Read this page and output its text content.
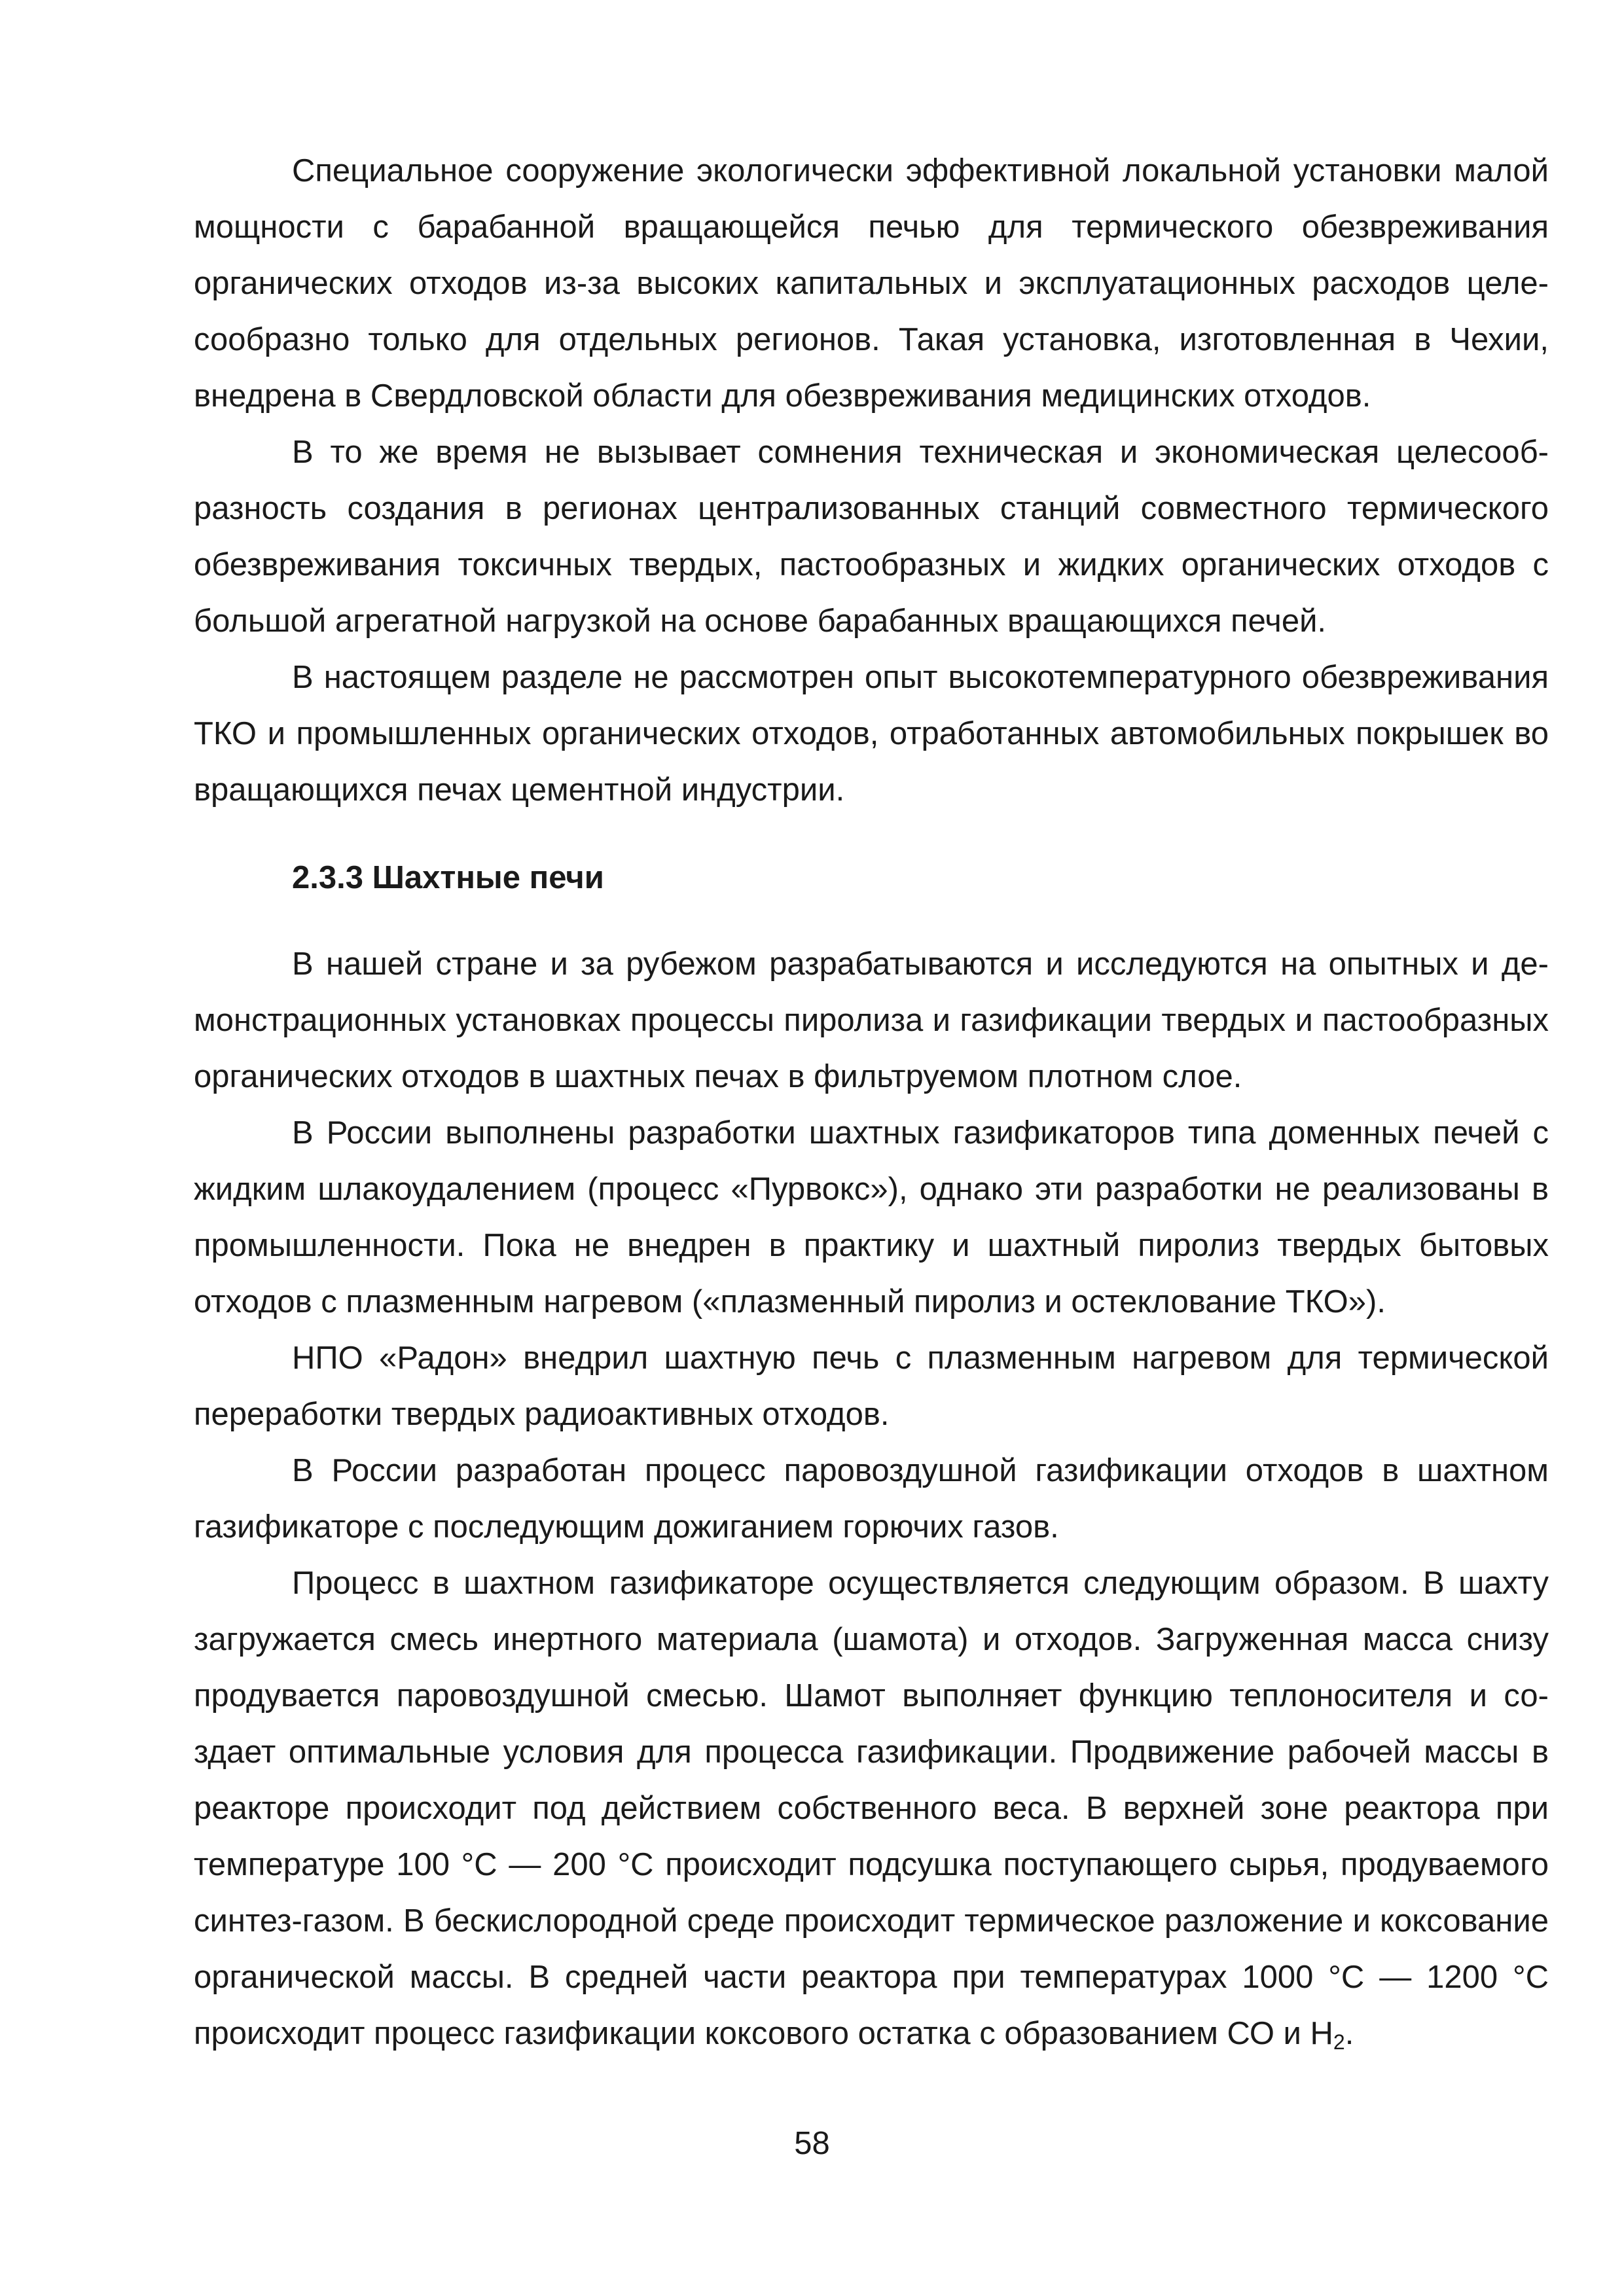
Специальное сооружение экологически эффективной локальной установки малой мощности с барабанной вращающейся печью для термического обезвреживания органических отходов из-за высоких капитальных и эксплуатационных расходов целесообразно только для отдельных регионов. Такая установка, изготовленная в Чехии, внедрена в Свердловской области для обезвреживания медицинских отходов.

В то же время не вызывает сомнения техническая и экономическая целесообразность создания в регионах централизованных станций совместного термического обезвреживания токсичных твердых, пастообразных и жидких органических отходов с большой агрегатной нагрузкой на основе барабанных вращающихся печей.

В настоящем разделе не рассмотрен опыт высокотемпературного обезвреживания ТКО и промышленных органических отходов, отработанных автомобильных покрышек во вращающихся печах цементной индустрии.

2.3.3 Шахтные печи

В нашей стране и за рубежом разрабатываются и исследуются на опытных и демонстрационных установках процессы пиролиза и газификации твердых и пастообразных органических отходов в шахтных печах в фильтруемом плотном слое.

В России выполнены разработки шахтных газификаторов типа доменных печей с жидким шлакоудалением (процесс «Пурвокс»), однако эти разработки не реализованы в промышленности. Пока не внедрен в практику и шахтный пиролиз твердых бытовых отходов с плазменным нагревом («плазменный пиролиз и остеклование ТКО»).

НПО «Радон» внедрил шахтную печь с плазменным нагревом для термической переработки твердых радиоактивных отходов.

В России разработан процесс паровоздушной газификации отходов в шахтном газификаторе с последующим дожиганием горючих газов.

Процесс в шахтном газификаторе осуществляется следующим образом. В шахту загружается смесь инертного материала (шамота) и отходов. Загруженная масса снизу продувается паровоздушной смесью. Шамот выполняет функцию теплоносителя и создает оптимальные условия для процесса газификации. Продвижение рабочей массы в реакторе происходит под действием собственного веса. В верхней зоне реактора при температуре 100 °С — 200 °С происходит подсушка поступающего сырья, продуваемого синтез-газом. В бескислородной среде происходит термическое разложение и коксование органической массы. В средней части реактора при температурах 1000 °С — 1200 °С происходит процесс газификации коксового остатка с образованием СО и $Н_2$.

58
